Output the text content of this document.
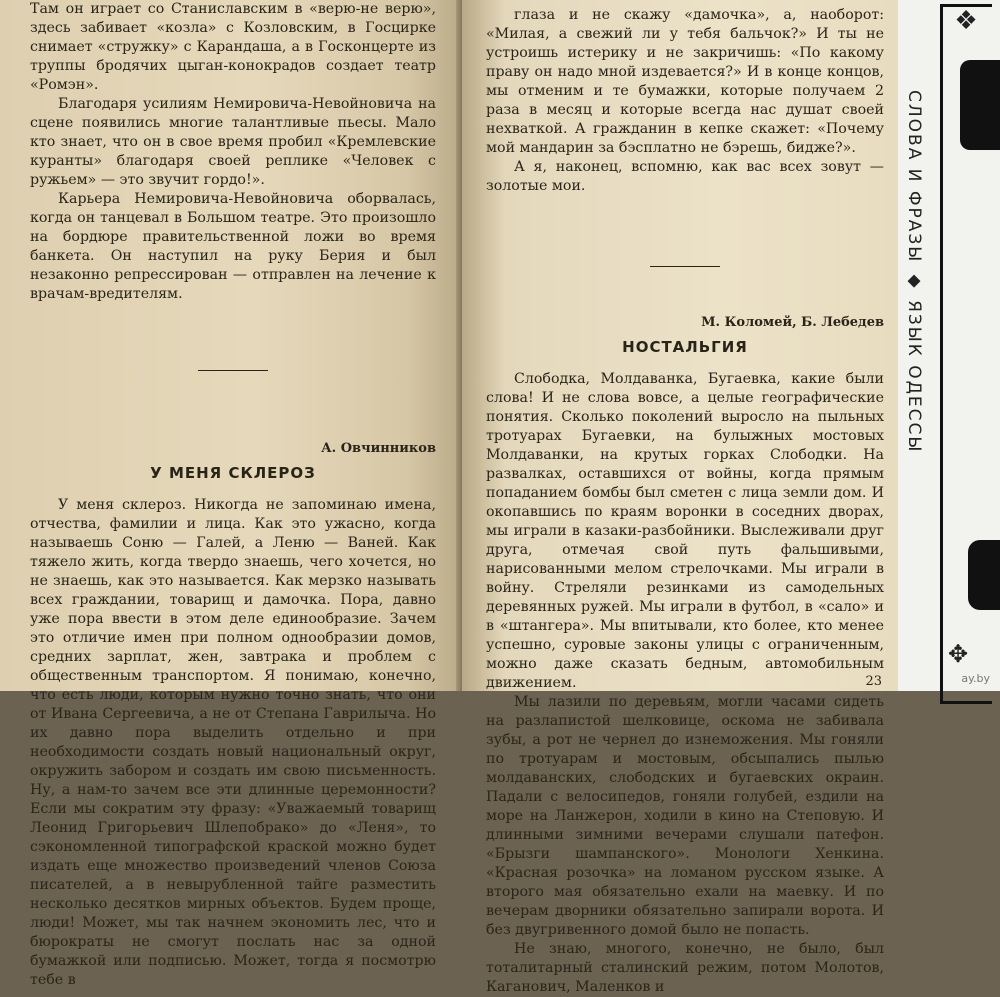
Там он играет со Станиславским в «верю-не верю», здесь забивает «козла» с Козловским, в Госцирке снимает «стружку» с Карандаша, а в Госконцерте из труппы бродячих цыган-конокрадов создает театр «Ромэн».

Благодаря усилиям Немировича-Невойновича на сцене появились многие талантливые пьесы. Мало кто знает, что он в свое время пробил «Кремлевские куранты» благодаря своей реплике «Человек с ружьем» — это звучит гордо!».

Карьера Немировича-Невойновича оборвалась, когда он танцевал в Большом театре. Это произошло на бордюре правительственной ложи во время банкета. Он наступил на руку Берия и был незаконно репрессирован — отправлен на лечение к врачам-вредителям.

А. Овчинников
У МЕНЯ СКЛЕРОЗ

У меня склероз. Никогда не запоминаю имена, отчества, фамилии и лица. Как это ужасно, когда называешь Соню — Галей, а Леню — Ваней. Как тяжело жить, когда твердо знаешь, чего хочется, но не знаешь, как это называется. Как мерзко называть всех граждании, товарищ и дамочка. Пора, давно уже пора ввести в этом деле единообразие. Зачем это отличие имен при полном однообразии домов, средних зарплат, жен, завтрака и проблем с общественным транспортом. Я понимаю, конечно, что есть люди, которым нужно точно знать, что они от Ивана Сергеевича, а не от Степана Гаврилыча. Но их давно пора выделить отдельно и при необходимости создать новый национальный округ, окружить забором и создать им свою письменность. Ну, а нам-то зачем все эти длинные церемонности? Если мы сократим эту фразу: «Уважаемый товарищ Леонид Григорьевич Шлепобрако» до «Леня», то сэкономленной типографской краской можно будет издать еще множество произведений членов Союза писателей, а в невырубленной тайге разместить несколько десятков мирных объектов. Будем проще, люди! Может, мы так начнем экономить лес, что и бюрократы не смогут послать нас за одной бумажкой или подписью. Может, тогда я посмотрю тебе в

глаза и не скажу «дамочка», а, наоборот: «Милая, а свежий ли у тебя бальчок?» И ты не устроишь истерику и не закричишь: «По какому праву он надо мной издевается?» И в конце концов, мы отменим и те бумажки, которые получаем 2 раза в месяц и которые всегда нас душат своей нехваткой. А гражданин в кепке скажет: «Почему мой мандарин за бэсплатно не бэрешь, бидже?».

А я, наконец, вспомню, как вас всех зовут — золотые мои.

М. Коломей, Б. Лебедев
НОСТАЛЬГИЯ

Слободка, Молдаванка, Бугаевка, какие были слова! И не слова вовсе, а целые географические понятия. Сколько поколений выросло на пыльных тротуарах Бугаевки, на булыжных мостовых Молдаванки, на крутых горках Слободки. На развалках, оставшихся от войны, когда прямым попаданием бомбы был сметен с лица земли дом. И окопавшись по краям воронки в соседних дворах, мы играли в казаки-разбойники. Выслеживали друг друга, отмечая свой путь фальшивыми, нарисованными мелом стрелочками. Мы играли в войну. Стреляли резинками из самодельных деревянных ружей. Мы играли в футбол, в «сало» и в «штангера». Мы впитывали, кто более, кто менее успешно, суровые законы улицы с ограниченным, можно даже сказать бедным, автомобильным движением.

Мы лазили по деревьям, могли часами сидеть на разлапистой шелковице, оскома не забивала зубы, а рот не чернел до изнеможения. Мы гоняли по тротуарам и мостовым, обсыпались пылью молдаванских, слободских и бугаевских окраин. Падали с велосипедов, гоняли голубей, ездили на море на Ланжерон, ходили в кино на Степовую. И длинными зимними вечерами слушали патефон. «Брызги шампанского». Монологи Хенкина. «Красная розочка» на ломаном русском языке. А второго мая обязательно ехали на маевку. И по вечерам дворники обязательно запирали ворота. И без двугривенного домой было не попасть.

Не знаю, многого, конечно, не было, был тоталитарный сталинский режим, потом Молотов, Каганович, Маленков и

23
❖
СЛОВА И ФРАЗЫ ◆ ЯЗЫК ОДЕССЫ
✥
ay.by
